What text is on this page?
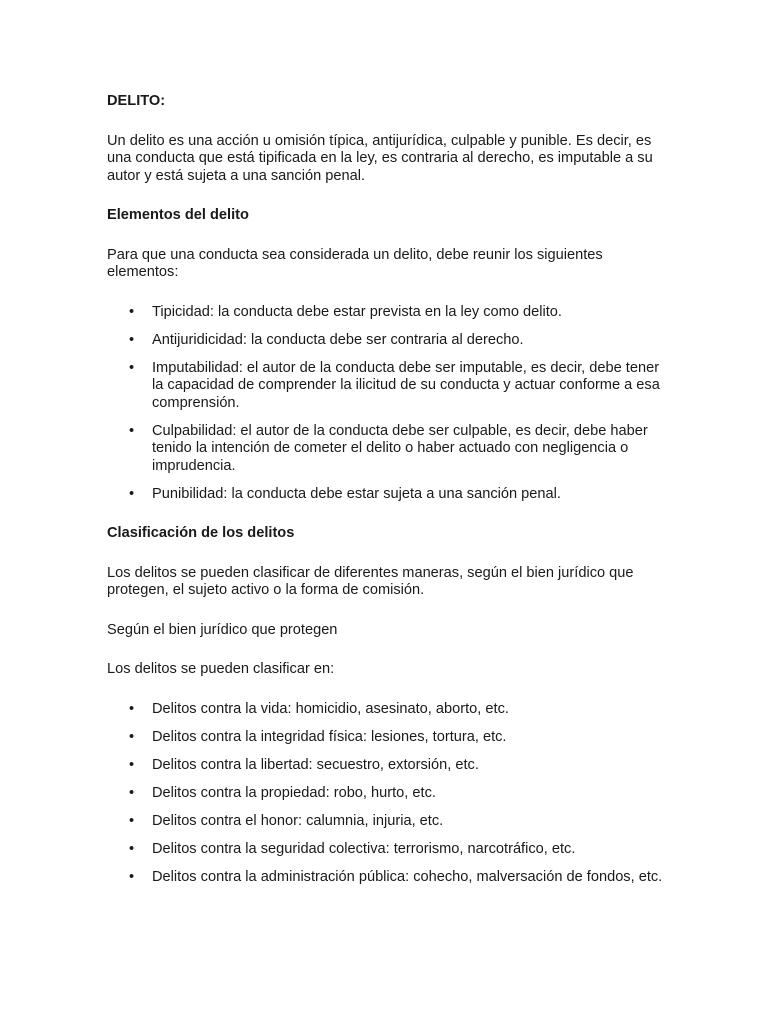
DELITO:

Un delito es una acción u omisión típica, antijurídica, culpable y punible. Es decir, es una conducta que está tipificada en la ley, es contraria al derecho, es imputable a su autor y está sujeta a una sanción penal.

Elementos del delito

Para que una conducta sea considerada un delito, debe reunir los siguientes elementos:

• Tipicidad: la conducta debe estar prevista en la ley como delito.
• Antijuridicidad: la conducta debe ser contraria al derecho.
• Imputabilidad: el autor de la conducta debe ser imputable, es decir, debe tener la capacidad de comprender la ilicitud de su conducta y actuar conforme a esa comprensión.
• Culpabilidad: el autor de la conducta debe ser culpable, es decir, debe haber tenido la intención de cometer el delito o haber actuado con negligencia o imprudencia.
• Punibilidad: la conducta debe estar sujeta a una sanción penal.
Clasificación de los delitos

Los delitos se pueden clasificar de diferentes maneras, según el bien jurídico que protegen, el sujeto activo o la forma de comisión.

Según el bien jurídico que protegen

Los delitos se pueden clasificar en:

• Delitos contra la vida: homicidio, asesinato, aborto, etc.
• Delitos contra la integridad física: lesiones, tortura, etc.
• Delitos contra la libertad: secuestro, extorsión, etc.
• Delitos contra la propiedad: robo, hurto, etc.
• Delitos contra el honor: calumnia, injuria, etc.
• Delitos contra la seguridad colectiva: terrorismo, narcotráfico, etc.
• Delitos contra la administración pública: cohecho, malversación de fondos, etc.
